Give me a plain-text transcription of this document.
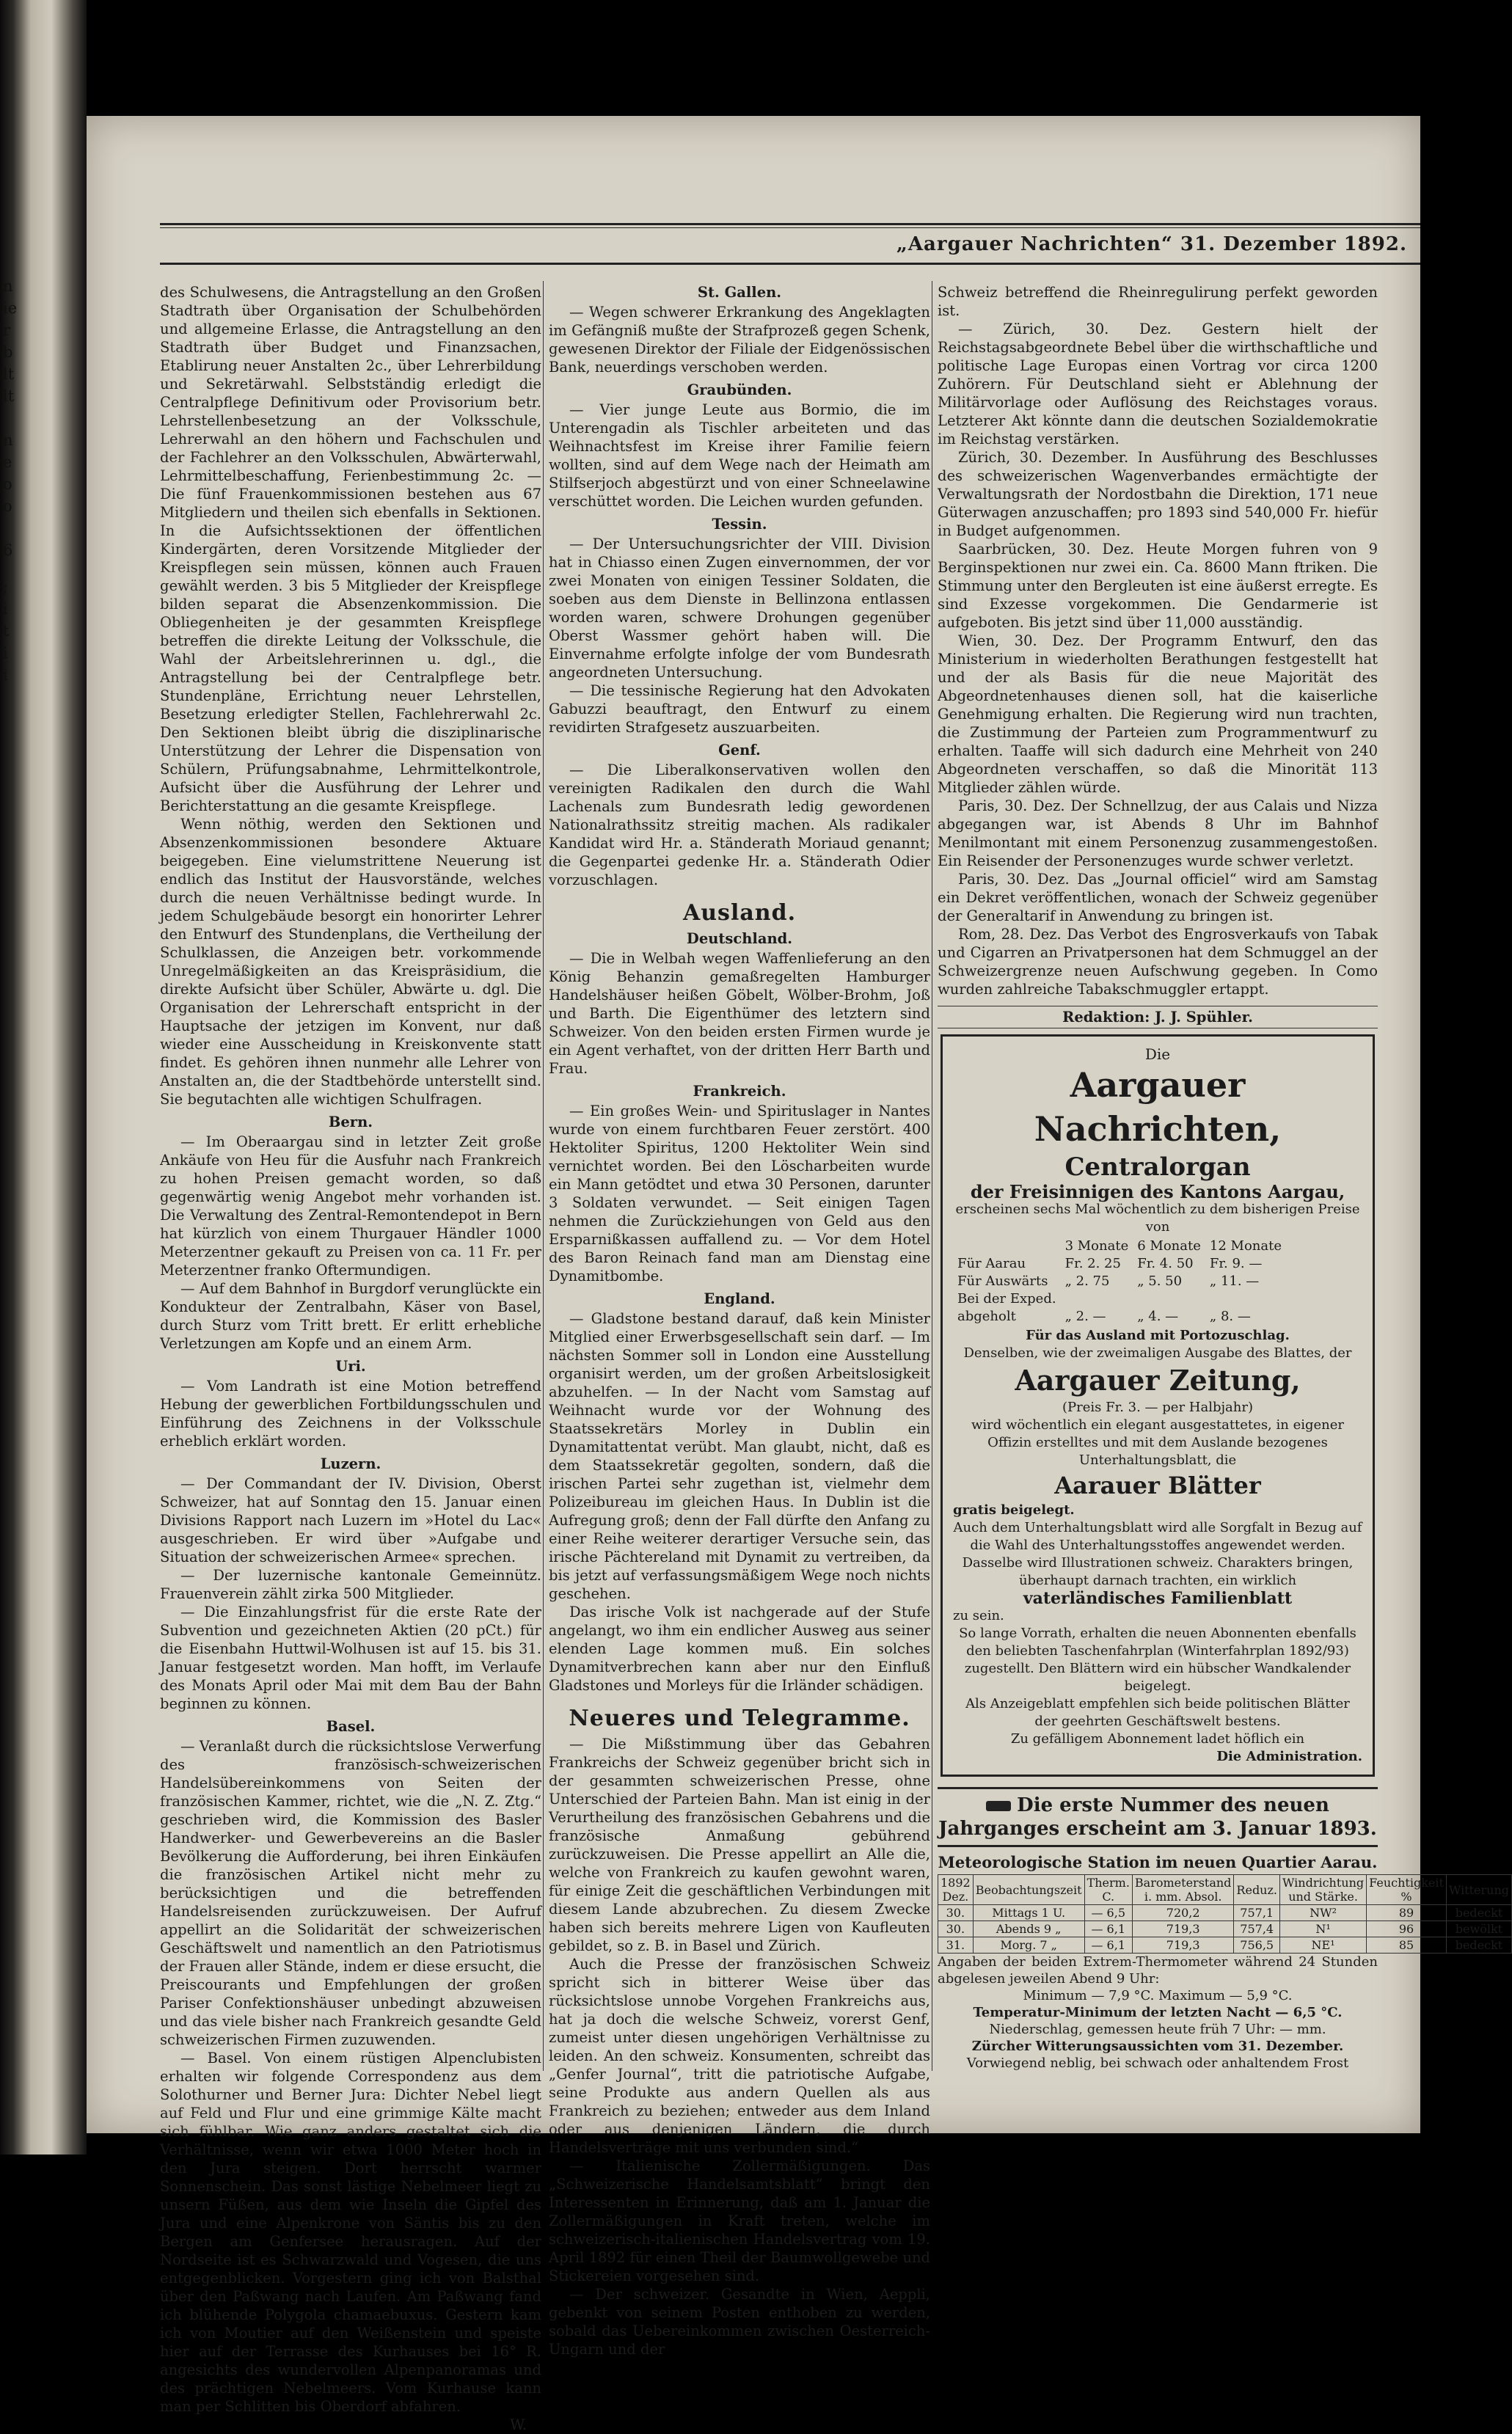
n
ie
r
b
lt
lt
n
e
o
o
6
;
i
t
i
i
„Aargauer Nachrichten“ 31. Dezember 1892.

des Schulwesens, die Antragstellung an den Großen Stadtrath über Organisation der Schulbehörden und allgemeine Erlasse, die Antragstellung an den Stadtrath über Budget und Finanzsachen, Etablirung neuer Anstalten 2c., über Lehrerbildung und Sekretärwahl. Selbstständig erledigt die Centralpflege Definitivum oder Provisorium betr. Lehrstellenbesetzung an der Volksschule, Lehrerwahl an den höhern und Fachschulen und der Fachlehrer an den Volksschulen, Abwärterwahl, Lehrmittelbeschaffung, Ferienbestimmung 2c. — Die fünf Frauenkommissionen bestehen aus 67 Mitgliedern und theilen sich ebenfalls in Sektionen. In die Aufsichtssektionen der öffentlichen Kindergärten, deren Vorsitzende Mitglieder der Kreispflegen sein müssen, können auch Frauen gewählt werden. 3 bis 5 Mitglieder der Kreispflege bilden separat die Absenzenkommission. Die Obliegenheiten je der gesammten Kreispflege betreffen die direkte Leitung der Volksschule, die Wahl der Arbeitslehrerinnen u. dgl., die Antragstellung bei der Centralpflege betr. Stundenpläne, Errichtung neuer Lehrstellen, Besetzung erledigter Stellen, Fachlehrerwahl 2c. Den Sektionen bleibt übrig die disziplinarische Unterstützung der Lehrer die Dispensation von Schülern, Prüfungsabnahme, Lehrmittelkontrole, Aufsicht über die Ausführung der Lehrer und Berichterstattung an die gesamte Kreispflege.

Wenn nöthig, werden den Sektionen und Absenzenkommissionen besondere Aktuare beigegeben. Eine vielumstrittene Neuerung ist endlich das Institut der Hausvorstände, welches durch die neuen Verhältnisse bedingt wurde. In jedem Schulgebäude besorgt ein honorirter Lehrer den Entwurf des Stundenplans, die Vertheilung der Schulklassen, die Anzeigen betr. vorkommende Unregelmäßigkeiten an das Kreispräsidium, die direkte Aufsicht über Schüler, Abwärte u. dgl. Die Organisation der Lehrerschaft entspricht in der Hauptsache der jetzigen im Konvent, nur daß wieder eine Ausscheidung in Kreiskonvente statt findet. Es gehören ihnen nunmehr alle Lehrer von Anstalten an, die der Stadtbehörde unterstellt sind. Sie begutachten alle wichtigen Schulfragen.

Bern.

— Im Oberaargau sind in letzter Zeit große Ankäufe von Heu für die Ausfuhr nach Frankreich zu hohen Preisen gemacht worden, so daß gegenwärtig wenig Angebot mehr vorhanden ist. Die Verwaltung des Zentral-Remontendepot in Bern hat kürzlich von einem Thurgauer Händler 1000 Meterzentner gekauft zu Preisen von ca. 11 Fr. per Meterzentner franko Oftermundigen.

— Auf dem Bahnhof in Burgdorf verunglückte ein Kondukteur der Zentralbahn, Käser von Basel, durch Sturz vom Tritt brett. Er erlitt erhebliche Verletzungen am Kopfe und an einem Arm.

Uri.

— Vom Landrath ist eine Motion betreffend Hebung der gewerblichen Fortbildungsschulen und Einführung des Zeichnens in der Volksschule erheblich erklärt worden.

Luzern.

— Der Commandant der IV. Division, Oberst Schweizer, hat auf Sonntag den 15. Januar einen Divisions Rapport nach Luzern im »Hotel du Lac« ausgeschrieben. Er wird über »Aufgabe und Situation der schweizerischen Armee« sprechen.

— Der luzernische kantonale Gemeinnütz. Frauenverein zählt zirka 500 Mitglieder.

— Die Einzahlungsfrist für die erste Rate der Subvention und gezeichneten Aktien (20 pCt.) für die Eisenbahn Huttwil-Wolhusen ist auf 15. bis 31. Januar festgesetzt worden. Man hofft, im Verlaufe des Monats April oder Mai mit dem Bau der Bahn beginnen zu können.

Basel.

— Veranlaßt durch die rücksichtslose Verwerfung des französisch-schweizerischen Handelsübereinkommens von Seiten der französischen Kammer, richtet, wie die „N. Z. Ztg.“ geschrieben wird, die Kommission des Basler Handwerker- und Gewerbevereins an die Basler Bevölkerung die Aufforderung, bei ihren Einkäufen die französischen Artikel nicht mehr zu berücksichtigen und die betreffenden Handelsreisenden zurückzuweisen. Der Aufruf appellirt an die Solidarität der schweizerischen Geschäftswelt und namentlich an den Patriotismus der Frauen aller Stände, indem er diese ersucht, die Preiscourants und Empfehlungen der großen Pariser Confektionshäuser unbedingt abzuweisen und das viele bisher nach Frankreich gesandte Geld schweizerischen Firmen zuzuwenden.

— Basel. Von einem rüstigen Alpenclubisten erhalten wir folgende Correspondenz aus dem Solothurner und Berner Jura: Dichter Nebel liegt auf Feld und Flur und eine grimmige Kälte macht sich fühlbar. Wie ganz anders gestaltet sich die Verhältnisse, wenn wir etwa 1000 Meter hoch in den Jura steigen. Dort herrscht warmer Sonnenschein. Das sonst lästige Nebelmeer liegt zu unsern Füßen, aus dem wie Inseln die Gipfel des Jura und eine Alpenkrone von Säntis bis zu den Bergen am Genfersee herausragen. Auf der Nordseite ist es Schwarzwald und Vogesen, die uns entgegenblicken. Vorgestern ging ich von Balsthal über den Paßwang nach Laufen. Am Paßwang fand ich blühende Polygola chamaebuxus. Gestern kam ich von Moutier auf den Weißenstein und speiste hier auf der Terrasse des Kurhauses bei 16° R. angesichts des wundervollen Alpenpanoramas und des prächtigen Nebelmeers. Vom Kurhause kann man per Schlitten bis Oberdorf abfahren.

W.
St. Gallen.

— Wegen schwerer Erkrankung des Angeklagten im Gefängniß mußte der Strafprozeß gegen Schenk, gewesenen Direktor der Filiale der Eidgenössischen Bank, neuerdings verschoben werden.

Graubünden.

— Vier junge Leute aus Bormio, die im Unterengadin als Tischler arbeiteten und das Weihnachtsfest im Kreise ihrer Familie feiern wollten, sind auf dem Wege nach der Heimath am Stilfserjoch abgestürzt und von einer Schneelawine verschüttet worden. Die Leichen wurden gefunden.

Tessin.

— Der Untersuchungsrichter der VIII. Division hat in Chiasso einen Zugen einvernommen, der vor zwei Monaten von einigen Tessiner Soldaten, die soeben aus dem Dienste in Bellinzona entlassen worden waren, schwere Drohungen gegenüber Oberst Wassmer gehört haben will. Die Einvernahme erfolgte infolge der vom Bundesrath angeordneten Untersuchung.

— Die tessinische Regierung hat den Advokaten Gabuzzi beauftragt, den Entwurf zu einem revidirten Strafgesetz auszuarbeiten.

Genf.

— Die Liberalkonservativen wollen den vereinigten Radikalen den durch die Wahl Lachenals zum Bundesrath ledig gewordenen Nationalrathssitz streitig machen. Als radikaler Kandidat wird Hr. a. Ständerath Moriaud genannt; die Gegenpartei gedenke Hr. a. Ständerath Odier vorzuschlagen.

Ausland.
Deutschland.

— Die in Welbah wegen Waffenlieferung an den König Behanzin gemaßregelten Hamburger Handelshäuser heißen Göbelt, Wölber-Brohm, Joß und Barth. Die Eigenthümer des letztern sind Schweizer. Von den beiden ersten Firmen wurde je ein Agent verhaftet, von der dritten Herr Barth und Frau.

Frankreich.

— Ein großes Wein- und Spirituslager in Nantes wurde von einem furchtbaren Feuer zerstört. 400 Hektoliter Spiritus, 1200 Hektoliter Wein sind vernichtet worden. Bei den Löscharbeiten wurde ein Mann getödtet und etwa 30 Personen, darunter 3 Soldaten verwundet. — Seit einigen Tagen nehmen die Zurückziehungen von Geld aus den Ersparnißkassen auffallend zu. — Vor dem Hotel des Baron Reinach fand man am Dienstag eine Dynamitbombe.

England.

— Gladstone bestand darauf, daß kein Minister Mitglied einer Erwerbsgesellschaft sein darf. — Im nächsten Sommer soll in London eine Ausstellung organisirt werden, um der großen Arbeitslosigkeit abzuhelfen. — In der Nacht vom Samstag auf Weihnacht wurde vor der Wohnung des Staatssekretärs Morley in Dublin ein Dynamitattentat verübt. Man glaubt, nicht, daß es dem Staatssekretär gegolten, sondern, daß die irischen Partei sehr zugethan ist, vielmehr dem Polizeibureau im gleichen Haus. In Dublin ist die Aufregung groß; denn der Fall dürfte den Anfang zu einer Reihe weiterer derartiger Versuche sein, das irische Pächtereland mit Dynamit zu vertreiben, da bis jetzt auf verfassungsmäßigem Wege noch nichts geschehen.

Das irische Volk ist nachgerade auf der Stufe angelangt, wo ihm ein endlicher Ausweg aus seiner elenden Lage kommen muß. Ein solches Dynamitverbrechen kann aber nur den Einfluß Gladstones und Morleys für die Irländer schädigen.

Neueres und Telegramme.

— Die Mißstimmung über das Gebahren Frankreichs der Schweiz gegenüber bricht sich in der gesammten schweizerischen Presse, ohne Unterschied der Parteien Bahn. Man ist einig in der Verurtheilung des französischen Gebahrens und die französische Anmaßung gebührend zurückzuweisen. Die Presse appellirt an Alle die, welche von Frankreich zu kaufen gewohnt waren, für einige Zeit die geschäftlichen Verbindungen mit diesem Lande abzubrechen. Zu diesem Zwecke haben sich bereits mehrere Ligen von Kaufleuten gebildet, so z. B. in Basel und Zürich.

Auch die Presse der französischen Schweiz spricht sich in bitterer Weise über das rücksichtslose unnobe Vorgehen Frankreichs aus, hat ja doch die welsche Schweiz, vorerst Genf, zumeist unter diesen ungehörigen Verhältnisse zu leiden. An den schweiz. Konsumenten, schreibt das „Genfer Journal“, tritt die patriotische Aufgabe, seine Produkte aus andern Quellen als aus Frankreich zu beziehen; entweder aus dem Inland oder aus denjenigen Ländern, die durch Handelsverträge mit uns verbunden sind.“

— Italienische Zollermäßigungen. Das „Schweizerische Handelsamtsblatt“ bringt den Interessenten in Erinnerung, daß am 1. Januar die Zollermäßigungen in Kraft treten, welche im schweizerisch-italienischen Handelsvertrag vom 19. April 1892 für einen Theil der Baumwollgewebe und Stickereien vorgesehen sind.

— Der schweizer. Gesandte in Wien, Aeppli, gebenkt von seinem Posten enthoben zu werden, sobald das Uebereinkommen zwischen Oesterreich-Ungarn und der

Schweiz betreffend die Rheinregulirung perfekt geworden ist.

— Zürich, 30. Dez. Gestern hielt der Reichstagsabgeordnete Bebel über die wirthschaftliche und politische Lage Europas einen Vortrag vor circa 1200 Zuhörern. Für Deutschland sieht er Ablehnung der Militärvorlage oder Auflösung des Reichstages voraus. Letzterer Akt könnte dann die deutschen Sozialdemokratie im Reichstag verstärken.

Zürich, 30. Dezember. In Ausführung des Beschlusses des schweizerischen Wagenverbandes ermächtigte der Verwaltungsrath der Nordostbahn die Direktion, 171 neue Güterwagen anzuschaffen; pro 1893 sind 540,000 Fr. hiefür in Budget aufgenommen.

Saarbrücken, 30. Dez. Heute Morgen fuhren von 9 Berginspektionen nur zwei ein. Ca. 8600 Mann ftriken. Die Stimmung unter den Bergleuten ist eine äußerst erregte. Es sind Exzesse vorgekommen. Die Gendarmerie ist aufgeboten. Bis jetzt sind über 11,000 ausständig.

Wien, 30. Dez. Der Programm Entwurf, den das Ministerium in wiederholten Berathungen festgestellt hat und der als Basis für die neue Majorität des Abgeordnetenhauses dienen soll, hat die kaiserliche Genehmigung erhalten. Die Regierung wird nun trachten, die Zustimmung der Parteien zum Programmentwurf zu erhalten. Taaffe will sich dadurch eine Mehrheit von 240 Abgeordneten verschaffen, so daß die Minorität 113 Mitglieder zählen würde.

Paris, 30. Dez. Der Schnellzug, der aus Calais und Nizza abgegangen war, ist Abends 8 Uhr im Bahnhof Menilmontant mit einem Personenzug zusammengestoßen. Ein Reisender der Personenzuges wurde schwer verletzt.

Paris, 30. Dez. Das „Journal officiel“ wird am Samstag ein Dekret veröffentlichen, wonach der Schweiz gegenüber der Generaltarif in Anwendung zu bringen ist.

Rom, 28. Dez. Das Verbot des Engrosverkaufs von Tabak und Cigarren an Privatpersonen hat dem Schmuggel an der Schweizergrenze neuen Aufschwung gegeben. In Como wurden zahlreiche Tabakschmuggler ertappt.

Redaktion: J. J. Spühler.
Die
Aargauer Nachrichten,
Centralorgan
der Freisinnigen des Kantons Aargau,
erscheinen sechs Mal wöchentlich zu dem bisherigen Preise von
	3 Monate	6 Monate	12 Monate
Für Aarau	Fr. 2. 25	Fr. 4. 50	Fr. 9. —
Für Auswärts	„ 2. 75	„ 5. 50	„ 11. —
Bei der Exped.			
abgeholt	„ 2. —	„ 4. —	„ 8. —
Für das Ausland mit Portozuschlag.
Denselben, wie der zweimaligen Ausgabe des Blattes, der
Aargauer Zeitung,
(Preis Fr. 3. — per Halbjahr)
wird wöchentlich ein elegant ausgestattetes, in eigener Offizin erstelltes und mit dem Auslande bezogenes Unterhaltungsblatt, die
Aarauer Blätter
gratis beigelegt.
Auch dem Unterhaltungsblatt wird alle Sorgfalt in Bezug auf die Wahl des Unterhaltungsstoffes angewendet werden. Dasselbe wird Illustrationen schweiz. Charakters bringen, überhaupt darnach trachten, ein wirklich
vaterländisches Familienblatt
zu sein.
So lange Vorrath, erhalten die neuen Abonnenten ebenfalls den beliebten Taschenfahrplan (Winterfahrplan 1892/93) zugestellt. Den Blättern wird ein hübscher Wandkalender beigelegt.
Als Anzeigeblatt empfehlen sich beide politischen Blätter der geehrten Geschäftswelt bestens.
Zu gefälligem Abonnement ladet höflich ein
Die Administration.
Die erste Nummer des neuen Jahrganges erscheint am 3. Januar 1893.
Meteorologische Station im neuen Quartier Aarau.
1892 Dez.	Beobachtungszeit	Therm. C.	Barometerstand i. mm. Absol.	Reduz.	Windrichtung und Stärke.	Feuchtigkeit %	Witterung
30.	Mittags 1 U.	— 6,5	720,2	757,1	NW²	89	bedeckt
30.	Abends 9 „	— 6,1	719,3	757,4	N¹	96	bewölkt
31.	Morg. 7 „	— 6,1	719,3	756,5	NE¹	85	bedeckt
Angaben der beiden Extrem-Thermometer während 24 Stunden abgelesen jeweilen Abend 9 Uhr:
Minimum — 7,9 °C. Maximum — 5,9 °C.
Temperatur-Minimum der letzten Nacht — 6,5 °C.
Niederschlag, gemessen heute früh 7 Uhr: — mm.
Zürcher Witterungsaussichten vom 31. Dezember.
Vorwiegend neblig, bei schwach oder anhaltendem Frost
